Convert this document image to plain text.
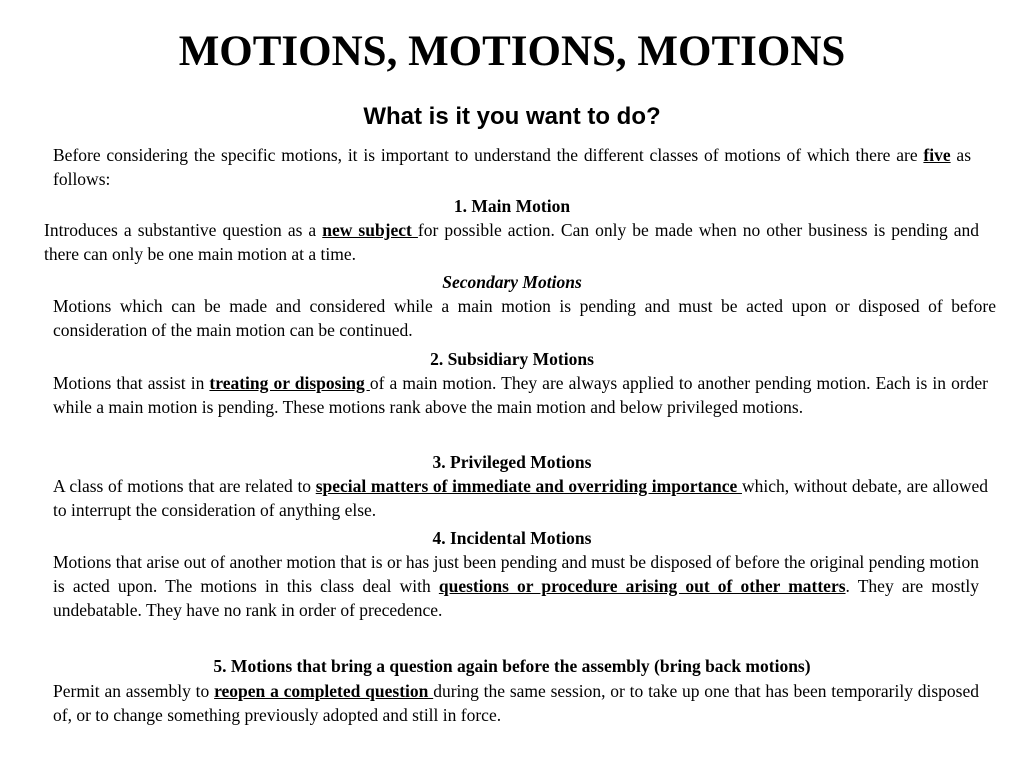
MOTIONS, MOTIONS, MOTIONS
What is it you want to do?

Before considering the specific motions, it is important to understand the different classes of motions of which there are five as follows:

1. Main Motion

Introduces a substantive question as a new subject for possible action. Can only be made when no other business is pending and there can only be one main motion at a time.

Secondary Motions

Motions which can be made and considered while a main motion is pending and must be acted upon or disposed of before consideration of the main motion can be continued.

2. Subsidiary Motions

Motions that assist in treating or disposing of a main motion. They are always applied to another pending motion. Each is in order while a main motion is pending. These motions rank above the main motion and below privileged motions.

3. Privileged Motions

A class of motions that are related to special matters of immediate and overriding importance which, without debate, are allowed to interrupt the consideration of anything else.

4. Incidental Motions

Motions that arise out of another motion that is or has just been pending and must be disposed of before the original pending motion is acted upon. The motions in this class deal with questions or procedure arising out of other matters. They are mostly undebatable. They have no rank in order of precedence.

5. Motions that bring a question again before the assembly (bring back motions)

Permit an assembly to reopen a completed question during the same session, or to take up one that has been temporarily disposed of, or to change something previously adopted and still in force.
